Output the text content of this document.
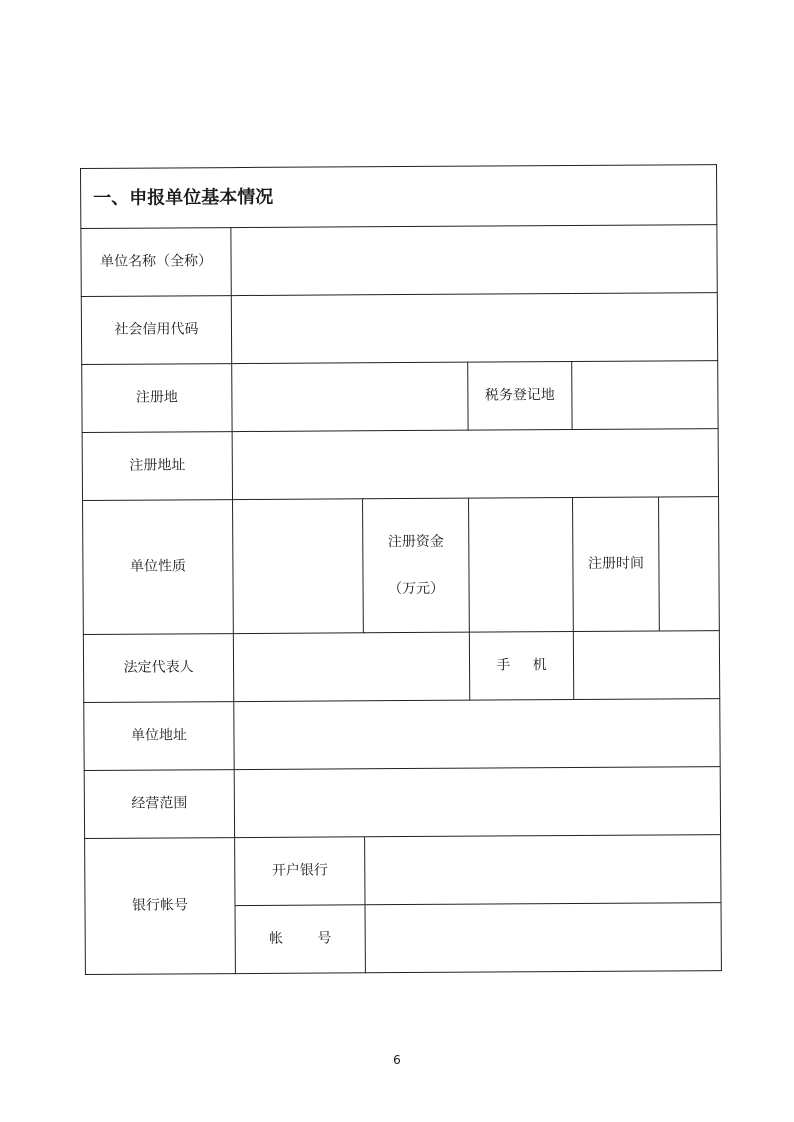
一、申报单位基本情况					
单位名称（全称）					
社会信用代码					
注册地			税务登记地		
注册地址					
单位性质		注册资金
（万元）		注册时间	
法定代表人			手 机		
单位地址					
经营范围					
银行帐号	开户银行				
	帐 号				
6
